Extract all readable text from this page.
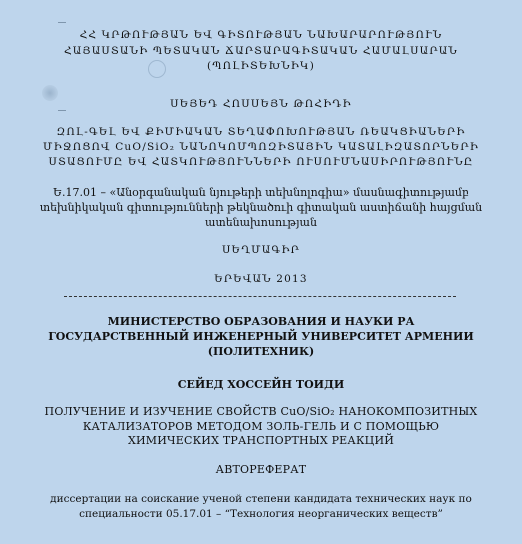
ՀՀ ԿՐԹՈՒԹՅԱՆ ԵՎ ԳԻՏՈՒԹՅԱՆ ՆԱԽԱՐԱՐՈՒԹՅՈՒՆ
ՀԱՅԱՍՏԱՆԻ ՊԵՏԱԿԱՆ ՃԱՐՏԱՐԱԳԻՏԱԿԱՆ ՀԱՄԱԼՍԱՐԱՆ
(ՊՈԼԻՏԵԽՆԻԿ)
ՍԵՅԵԴ ՀՈՍՍԵՅՆ ԹՈՀԻԴԻ
ԶՈԼ-ԳԵԼ ԵՎ ՔԻՄԻԱԿԱՆ ՏԵՂԱՓՈԽՈՒԹՅԱՆ ՌԵԱԿՑԻԱՆԵՐԻ
ՄԻՋՈՑՈՎ CuO/SiO₂ ՆԱՆՈԿՈՄՊՈԶԻՏԱՅԻՆ ԿԱՏԱԼԻԶԱՏՈՐՆԵՐԻ
ՍՏԱՑՈՒՄԸ ԵՎ ՀԱՏԿՈՒԹՅՈՒՆՆԵՐԻ ՈՒՍՈՒՄՆԱՍԻՐՈՒԹՅՈՒՆԸ
Ե.17.01 – «Անօրգանական նյութերի տեխնոլոգիա» մասնագիտությամբ
տեխնիկական գիտությունների թեկնածուի գիտական աստիճանի հայցման
ատենախոսության
ՍԵՂՄԱԳԻՐ
ԵՐԵՎԱՆ 2013
МИНИСТЕРСТВО ОБРАЗОВАНИЯ И НАУКИ РА
ГОСУДАРСТВЕННЫЙ ИНЖЕНЕРНЫЙ УНИВЕРСИТЕТ АРМЕНИИ
(ПОЛИТЕХНИК)
СЕЙЕД ХОССЕЙН ТОИДИ
ПОЛУЧЕНИЕ И ИЗУЧЕНИЕ СВОЙСТВ CuO/SiO₂ НАНОКОМПОЗИТНЫХ
КАТАЛИЗАТОРОВ МЕТОДОМ ЗОЛЬ-ГЕЛЬ И С ПОМОЩЬЮ
ХИМИЧЕСКИХ ТРАНСПОРТНЫХ РЕАКЦИЙ
АВТОРЕФЕРАТ
диссертации на соискание ученой степени кандидата технических наук по
специальности 05.17.01 – “Технология неорганических веществ”
